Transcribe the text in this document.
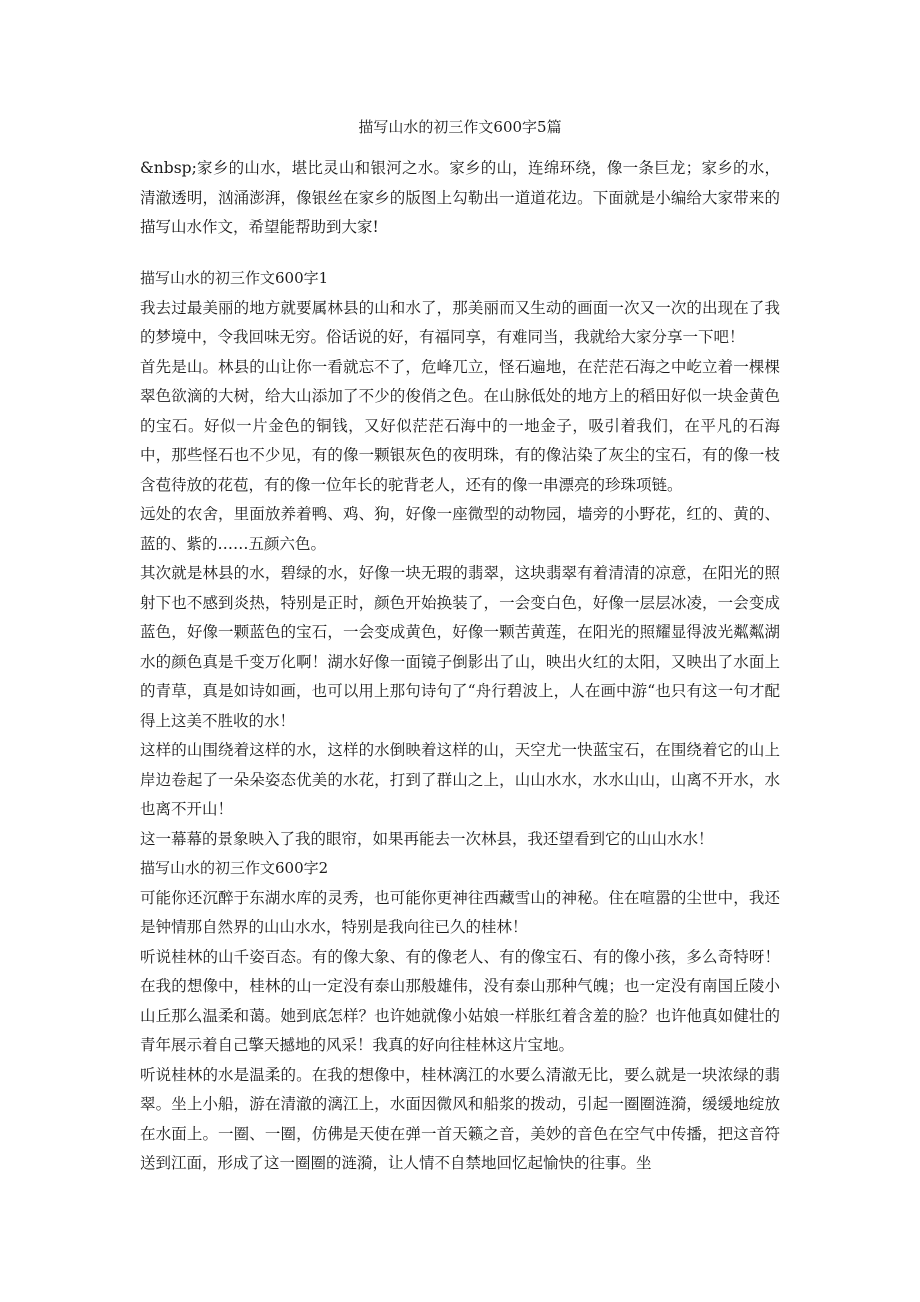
描写山水的初三作文600字5篇

&nbsp;家乡的山水，堪比灵山和银河之水。家乡的山，连绵环绕，像一条巨龙；家乡的水，清澈透明，汹涌澎湃，像银丝在家乡的版图上勾勒出一道道花边。下面就是小编给大家带来的描写山水作文，希望能帮助到大家!

描写山水的初三作文600字1

我去过最美丽的地方就要属林县的山和水了，那美丽而又生动的画面一次又一次的出现在了我的梦境中，令我回味无穷。俗话说的好，有福同享，有难同当，我就给大家分享一下吧！

首先是山。林县的山让你一看就忘不了，危峰兀立，怪石遍地，在茫茫石海之中屹立着一棵棵翠色欲滴的大树，给大山添加了不少的俊俏之色。在山脉低处的地方上的稻田好似一块金黄色的宝石。好似一片金色的铜钱，又好似茫茫石海中的一地金子，吸引着我们，在平凡的石海中，那些怪石也不少见，有的像一颗银灰色的夜明珠，有的像沾染了灰尘的宝石，有的像一枝含苞待放的花苞，有的像一位年长的驼背老人，还有的像一串漂亮的珍珠项链。

远处的农舍，里面放养着鸭、鸡、狗，好像一座微型的动物园，墙旁的小野花，红的、黄的、蓝的、紫的……五颜六色。

其次就是林县的水，碧绿的水，好像一块无瑕的翡翠，这块翡翠有着清清的凉意，在阳光的照射下也不感到炎热，特别是正时，颜色开始换装了，一会变白色，好像一层层冰凌，一会变成蓝色，好像一颗蓝色的宝石，一会变成黄色，好像一颗苦黄莲，在阳光的照耀显得波光粼粼湖水的颜色真是千变万化啊！湖水好像一面镜子倒影出了山，映出火红的太阳，又映出了水面上的青草，真是如诗如画，也可以用上那句诗句了“舟行碧波上，人在画中游“也只有这一句才配得上这美不胜收的水！

这样的山围绕着这样的水，这样的水倒映着这样的山，天空尤一快蓝宝石，在围绕着它的山上岸边卷起了一朵朵姿态优美的水花，打到了群山之上，山山水水，水水山山，山离不开水，水也离不开山！

这一幕幕的景象映入了我的眼帘，如果再能去一次林县，我还望看到它的山山水水！

描写山水的初三作文600字2

可能你还沉醉于东湖水库的灵秀，也可能你更神往西藏雪山的神秘。住在喧嚣的尘世中，我还是钟情那自然界的山山水水，特别是我向往已久的桂林！

听说桂林的山千姿百态。有的像大象、有的像老人、有的像宝石、有的像小孩，多么奇特呀！在我的想像中，桂林的山一定没有泰山那般雄伟，没有泰山那种气魄；也一定没有南国丘陵小山丘那么温柔和蔼。她到底怎样？也许她就像小姑娘一样胀红着含羞的脸？也许他真如健壮的青年展示着自己擎天撼地的风采！我真的好向往桂林这片宝地。

听说桂林的水是温柔的。在我的想像中，桂林漓江的水要么清澈无比，要么就是一块浓绿的翡翠。坐上小船，游在清澈的漓江上，水面因微风和船浆的拨动，引起一圈圈涟漪，缓缓地绽放在水面上。一圈、一圈，仿佛是天使在弹一首天籁之音，美妙的音色在空气中传播，把这音符送到江面，形成了这一圈圈的涟漪，让人情不自禁地回忆起愉快的往事。坐
